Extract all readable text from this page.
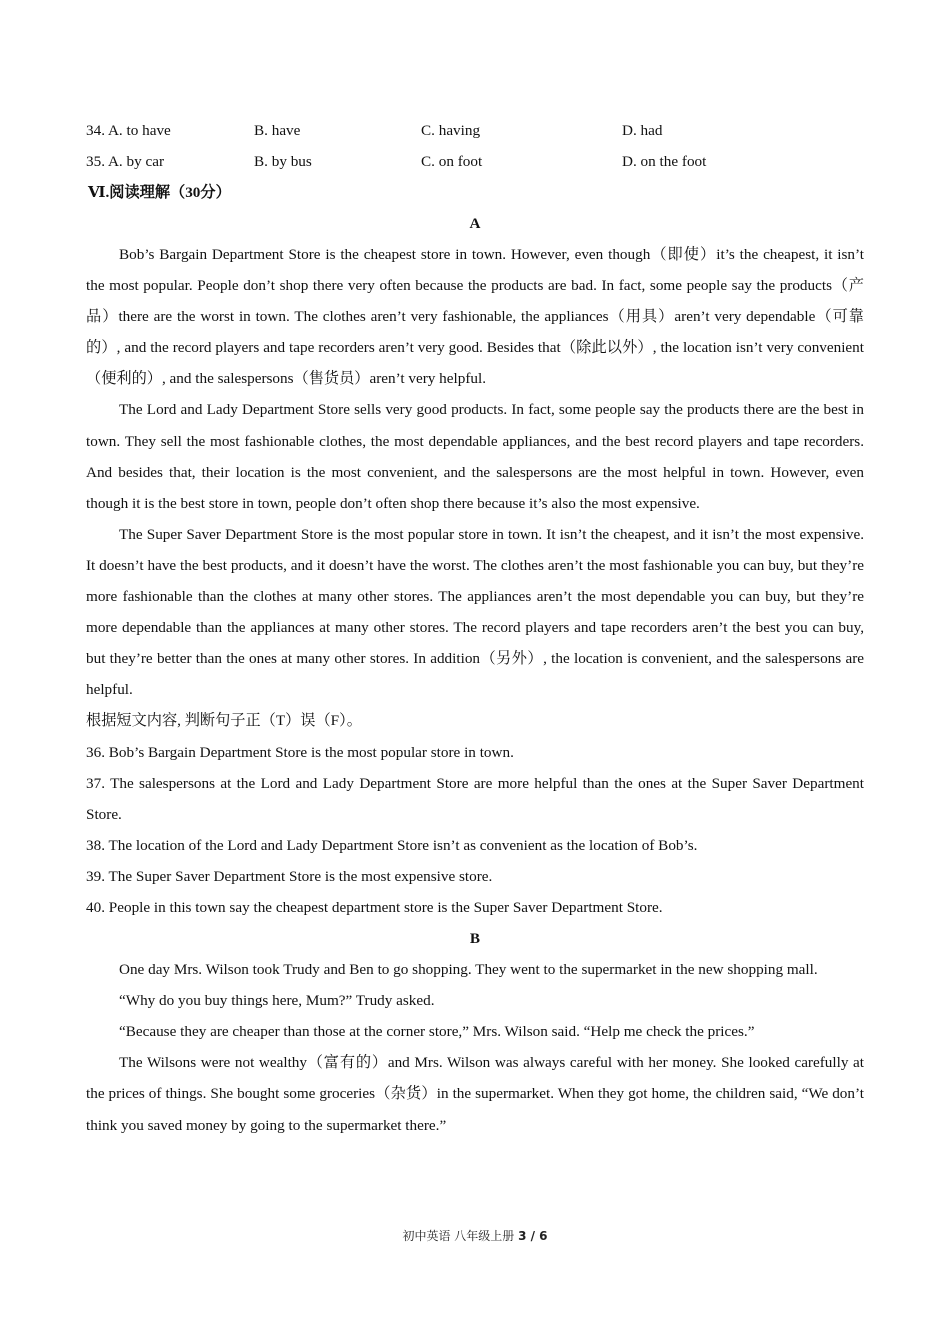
34. A. to have	B. have	C. having	D. had
35. A. by car	B. by bus	C. on foot	D. on the foot
Ⅵ.阅读理解（30分）
A

Bob’s Bargain Department Store is the cheapest store in town. However, even though（即使）it’s the cheapest, it isn’t the most popular. People don’t shop there very often because the products are bad. In fact, some people say the products（产品）there are the worst in town. The clothes aren’t very fashionable, the appliances（用具）aren’t very dependable（可靠的）, and the record players and tape recorders aren’t very good. Besides that（除此以外）, the location isn’t very convenient（便利的）, and the salespersons（售货员）aren’t very helpful.

The Lord and Lady Department Store sells very good products. In fact, some people say the products there are the best in town. They sell the most fashionable clothes, the most dependable appliances, and the best record players and tape recorders. And besides that, their location is the most convenient, and the salespersons are the most helpful in town. However, even though it is the best store in town, people don’t often shop there because it’s also the most expensive.

The Super Saver Department Store is the most popular store in town. It isn’t the cheapest, and it isn’t the most expensive. It doesn’t have the best products, and it doesn’t have the worst. The clothes aren’t the most fashionable you can buy, but they’re more fashionable than the clothes at many other stores. The appliances aren’t the most dependable you can buy, but they’re more dependable than the appliances at many other stores. The record players and tape recorders aren’t the best you can buy, but they’re better than the ones at many other stores. In addition（另外）, the location is convenient, and the salespersons are helpful.

根据短文内容, 判断句子正（T）误（F）。

36. Bob’s Bargain Department Store is the most popular store in town.

37. The salespersons at the Lord and Lady Department Store are more helpful than the ones at the Super Saver Department Store.

38. The location of the Lord and Lady Department Store isn’t as convenient as the location of Bob’s.

39. The Super Saver Department Store is the most expensive store.

40. People in this town say the cheapest department store is the Super Saver Department Store.

B

One day Mrs. Wilson took Trudy and Ben to go shopping. They went to the supermarket in the new shopping mall.

“Why do you buy things here, Mum?” Trudy asked.

“Because they are cheaper than those at the corner store,” Mrs. Wilson said. “Help me check the prices.”

The Wilsons were not wealthy（富有的）and Mrs. Wilson was always careful with her money. She looked carefully at the prices of things. She bought some groceries（杂货）in the supermarket. When they got home, the children said, “We don’t think you saved money by going to the supermarket there.”

初中英语 八年级上册 3 / 6
